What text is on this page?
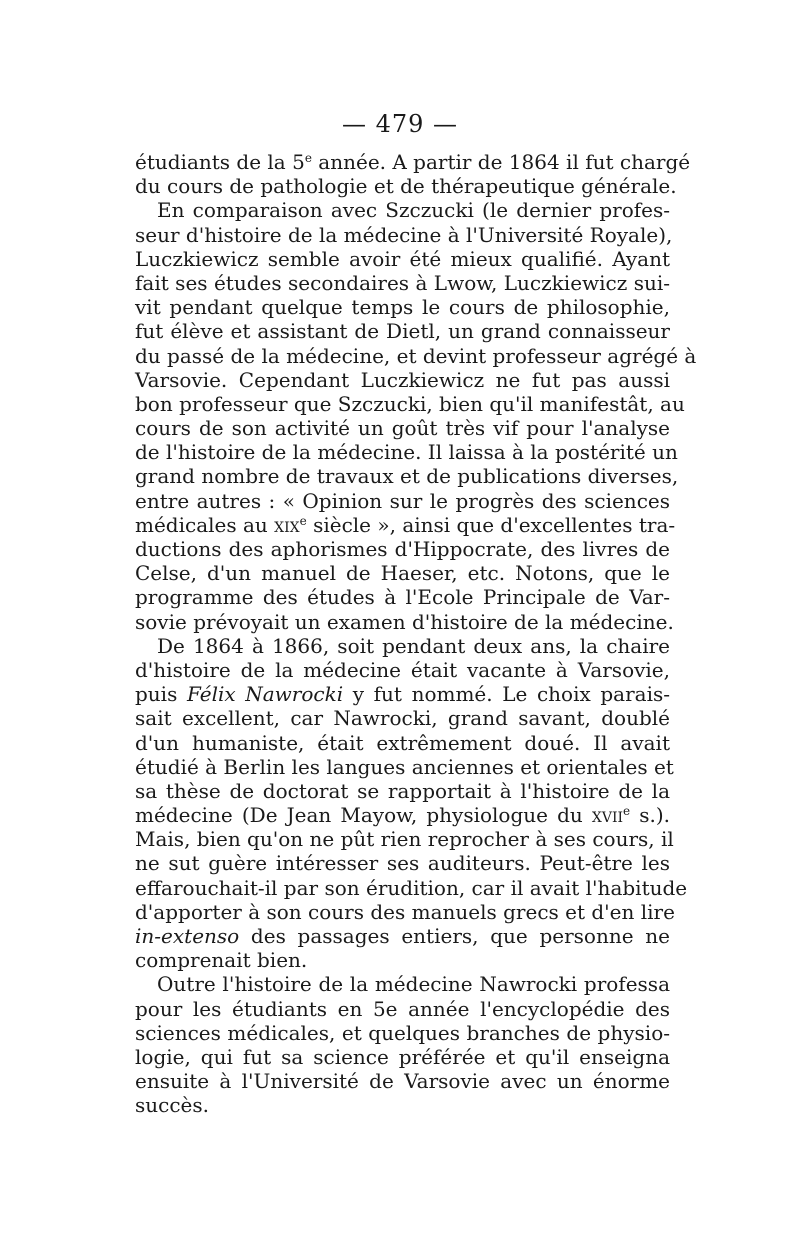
— 479 —
étudiants de la 5e année. A partir de 1864 il fut chargé
du cours de pathologie et de thérapeutique générale.
En comparaison avec Szczucki (le dernier profes-
seur d'histoire de la médecine à l'Université Royale),
Luczkiewicz semble avoir été mieux qualifié. Ayant
fait ses études secondaires à Lwow, Luczkiewicz sui-
vit pendant quelque temps le cours de philosophie,
fut élève et assistant de Dietl, un grand connaisseur
du passé de la médecine, et devint professeur agrégé à
Varsovie. Cependant Luczkiewicz ne fut pas aussi
bon professeur que Szczucki, bien qu'il manifestât, au
cours de son activité un goût très vif pour l'analyse
de l'histoire de la médecine. Il laissa à la postérité un
grand nombre de travaux et de publications diverses,
entre autres : « Opinion sur le progrès des sciences
médicales au xix$^e$ siècle », ainsi que d'excellentes tra-
ductions des aphorismes d'Hippocrate, des livres de
Celse, d'un manuel de Haeser, etc. Notons, que le
programme des études à l'Ecole Principale de Var-
sovie prévoyait un examen d'histoire de la médecine.
De 1864 à 1866, soit pendant deux ans, la chaire
d'histoire de la médecine était vacante à Varsovie,
puis Félix Nawrocki y fut nommé. Le choix parais-
sait excellent, car Nawrocki, grand savant, doublé
d'un humaniste, était extrêmement doué. Il avait
étudié à Berlin les langues anciennes et orientales et
sa thèse de doctorat se rapportait à l'histoire de la
médecine (De Jean Mayow, physiologue du xvii$^e$ s.).
Mais, bien qu'on ne pût rien reprocher à ses cours, il
ne sut guère intéresser ses auditeurs. Peut-être les
effarouchait-il par son érudition, car il avait l'habitude
d'apporter à son cours des manuels grecs et d'en lire
in-extenso des passages entiers, que personne ne
comprenait bien.
Outre l'histoire de la médecine Nawrocki professa
pour les étudiants en 5e année l'encyclopédie des
sciences médicales, et quelques branches de physio-
logie, qui fut sa science préférée et qu'il enseigna
ensuite à l'Université de Varsovie avec un énorme
succès.
